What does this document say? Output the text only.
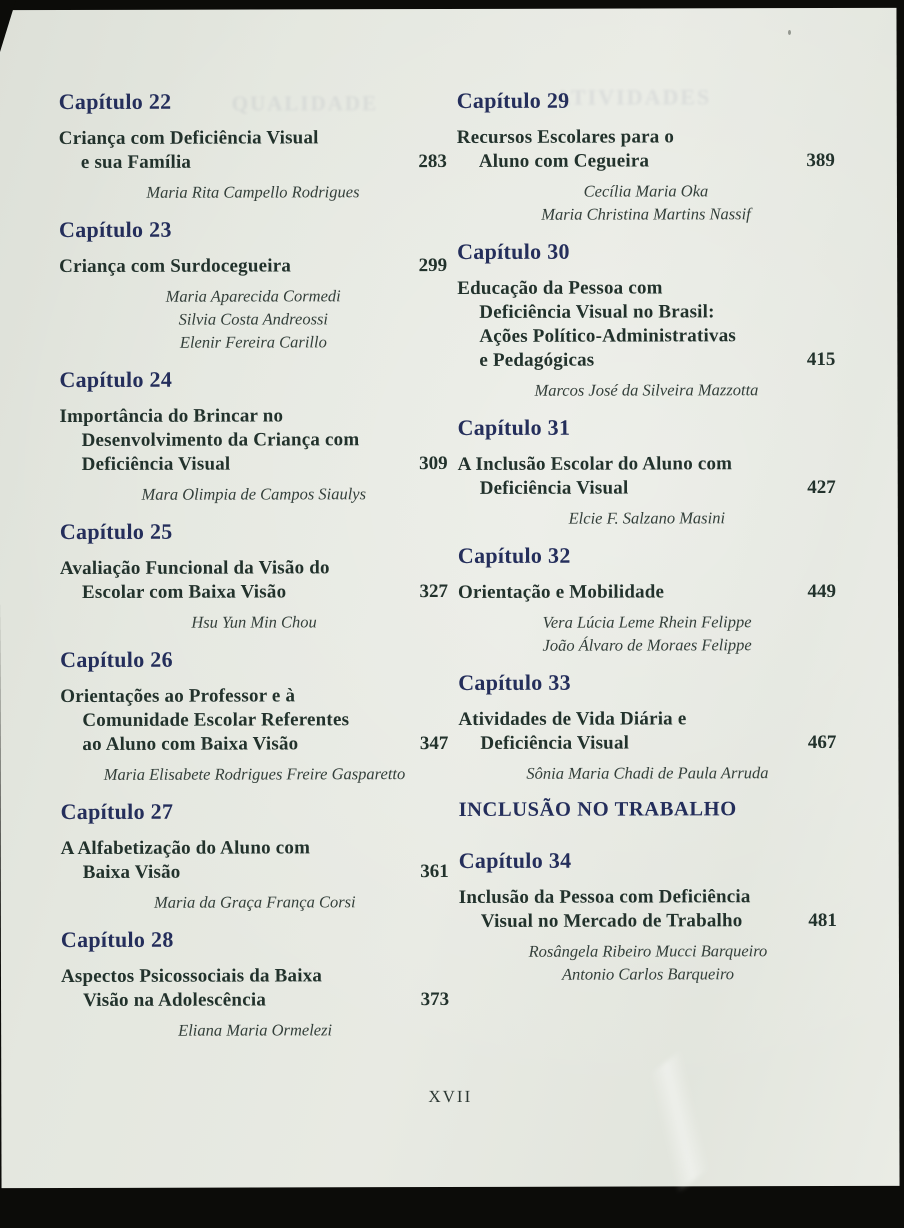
QUALIDADE	ATIVIDADES
Capítulo 22
Criança com Deficiência Visual
e sua Família	283
Maria Rita Campello Rodrigues
Capítulo 23
Criança com Surdocegueira	299
Maria Aparecida Cormedi
Silvia Costa Andreossi
Elenir Fereira Carillo
Capítulo 24
Importância do Brincar no
Desenvolvimento da Criança com
Deficiência Visual	309
Mara Olimpia de Campos Siaulys
Capítulo 25
Avaliação Funcional da Visão do
Escolar com Baixa Visão	327
Hsu Yun Min Chou
Capítulo 26
Orientações ao Professor e à
Comunidade Escolar Referentes
ao Aluno com Baixa Visão	347
Maria Elisabete Rodrigues Freire Gasparetto
Capítulo 27
A Alfabetização do Aluno com
Baixa Visão	361
Maria da Graça França Corsi
Capítulo 28
Aspectos Psicossociais da Baixa
Visão na Adolescência	373
Eliana Maria Ormelezi
Capítulo 29
Recursos Escolares para o
Aluno com Cegueira	389
Cecília Maria Oka
Maria Christina Martins Nassif
Capítulo 30
Educação da Pessoa com
Deficiência Visual no Brasil:
Ações Político-Administrativas
e Pedagógicas	415
Marcos José da Silveira Mazzotta
Capítulo 31
A Inclusão Escolar do Aluno com
Deficiência Visual	427
Elcie F. Salzano Masini
Capítulo 32
Orientação e Mobilidade	449
Vera Lúcia Leme Rhein Felippe
João Álvaro de Moraes Felippe
Capítulo 33
Atividades de Vida Diária e
Deficiência Visual	467
Sônia Maria Chadi de Paula Arruda
INCLUSÃO NO TRABALHO
Capítulo 34
Inclusão da Pessoa com Deficiência
Visual no Mercado de Trabalho	481
Rosângela Ribeiro Mucci Barqueiro
Antonio Carlos Barqueiro
XVII
